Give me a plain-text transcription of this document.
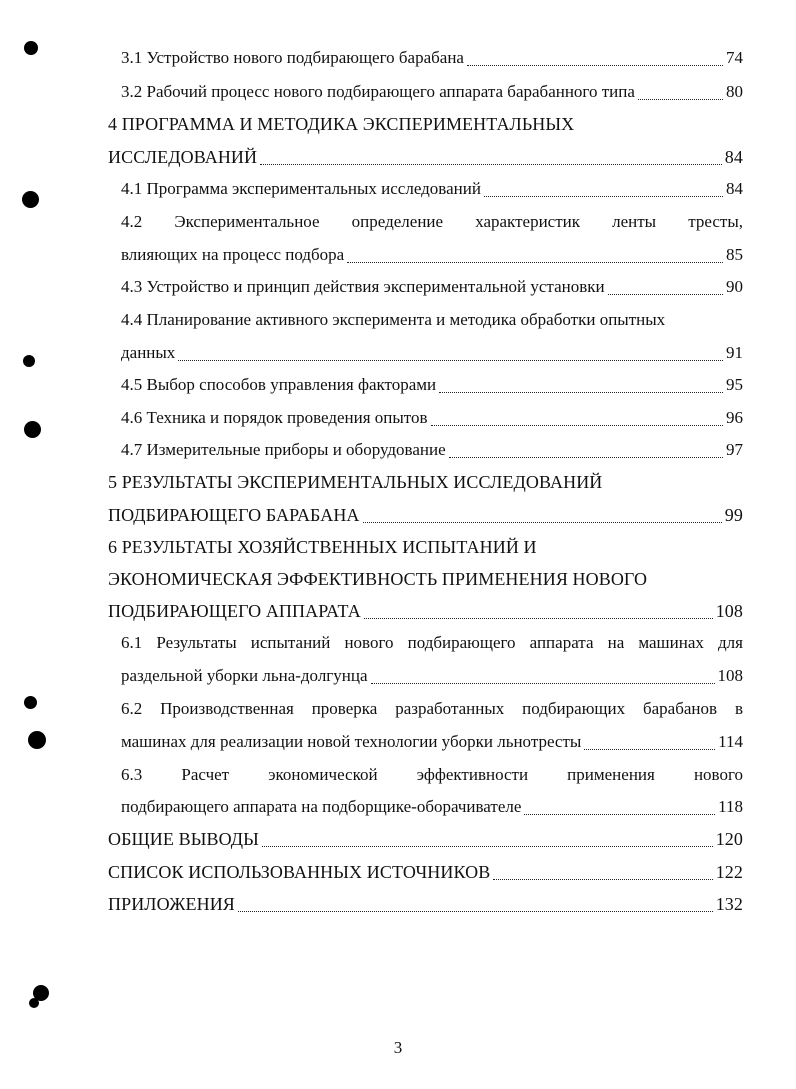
3.1 Устройство нового подбирающего барабана	74
3.2 Рабочий процесс нового подбирающего аппарата барабанного типа	80
4 ПРОГРАММА И МЕТОДИКА ЭКСПЕРИМЕНТАЛЬНЫХ
ИССЛЕДОВАНИЙ	84
4.1 Программа экспериментальных исследований	84
4.2 Экспериментальное определение характеристик ленты тресты,
влияющих на процесс подбора	85
4.3 Устройство и принцип действия экспериментальной установки	90
4.4 Планирование активного эксперимента и методика обработки опытных
данных	91
4.5 Выбор способов управления факторами	95
4.6 Техника и порядок проведения опытов	96
4.7 Измерительные приборы и оборудование	97
5 РЕЗУЛЬТАТЫ ЭКСПЕРИМЕНТАЛЬНЫХ ИССЛЕДОВАНИЙ
ПОДБИРАЮЩЕГО БАРАБАНА	99
6 РЕЗУЛЬТАТЫ ХОЗЯЙСТВЕННЫХ ИСПЫТАНИЙ И
ЭКОНОМИЧЕСКАЯ ЭФФЕКТИВНОСТЬ ПРИМЕНЕНИЯ НОВОГО
ПОДБИРАЮЩЕГО АППАРАТА	108
6.1 Результаты испытаний нового подбирающего аппарата на машинах для
раздельной уборки льна-долгунца	108
6.2 Производственная проверка разработанных подбирающих барабанов в
машинах для реализации новой технологии уборки льнотресты	114
6.3 Расчет экономической эффективности применения нового
подбирающего аппарата на подборщике-оборачивателе	118
ОБЩИЕ ВЫВОДЫ	120
СПИСОК ИСПОЛЬЗОВАННЫХ ИСТОЧНИКОВ	122
ПРИЛОЖЕНИЯ	132
3
